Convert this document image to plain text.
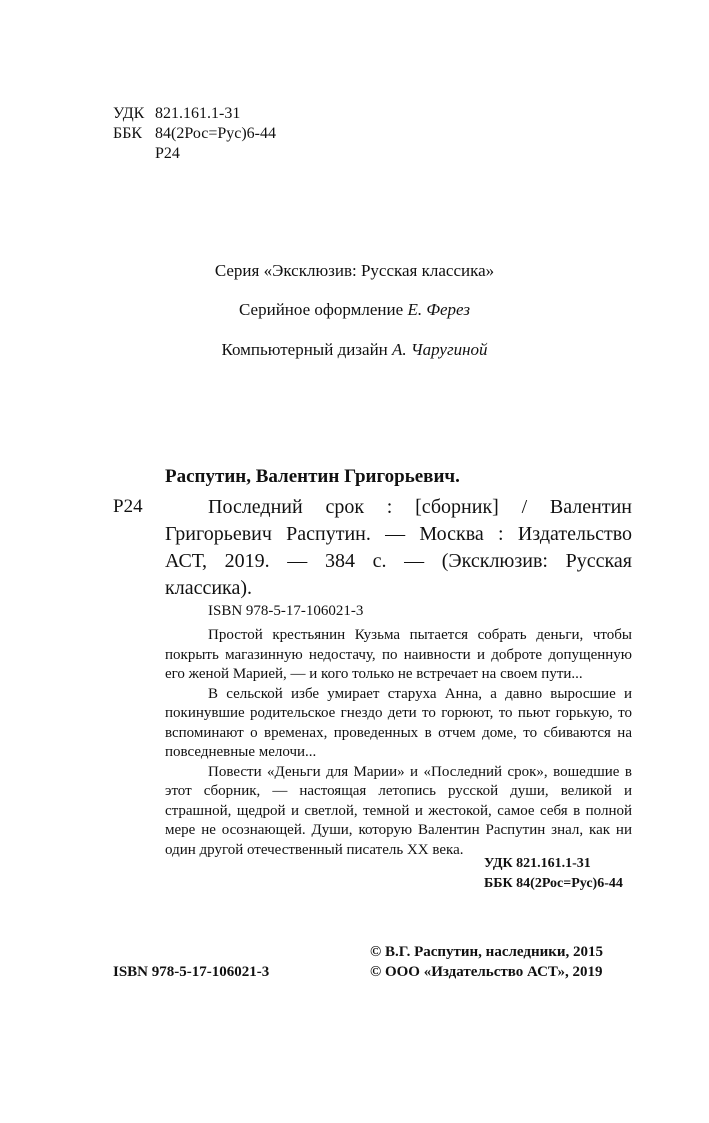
УДК 821.161.1-31
ББК 84(2Рос=Рус)6-44
Р24
Серия «Эксклюзив: Русская классика»
Серийное оформление Е. Ферез
Компьютерный дизайн А. Чаругиной
Распутин, Валентин Григорьевич.
Р24	Последний срок : [сборник] / Валентин Григорьевич Распутин. — Москва : Издательство АСТ, 2019. — 384 с. — (Эксклюзив: Русская классика).
ISBN 978-5-17-106021-3

Простой крестьянин Кузьма пытается собрать деньги, чтобы покрыть магазинную недостачу, по наивности и доброте допущенную его женой Марией, — и кого только не встречает на своем пути...

В сельской избе умирает старуха Анна, а давно выросшие и покинувшие родительское гнездо дети то горюют, то пьют горькую, то вспоминают о временах, проведенных в отчем доме, то сбиваются на повседневные мелочи...

Повести «Деньги для Марии» и «Последний срок», вошедшие в этот сборник, — настоящая летопись русской души, великой и страшной, щедрой и светлой, темной и жестокой, самое себя в полной мере не осознающей. Души, которую Валентин Распутин знал, как ни один другой отечественный писатель XX века.

УДК 821.161.1-31
ББК 84(2Рос=Рус)6-44
ISBN 978-5-17-106021-3
© В.Г. Распутин, наследники, 2015
© ООО «Издательство АСТ», 2019
